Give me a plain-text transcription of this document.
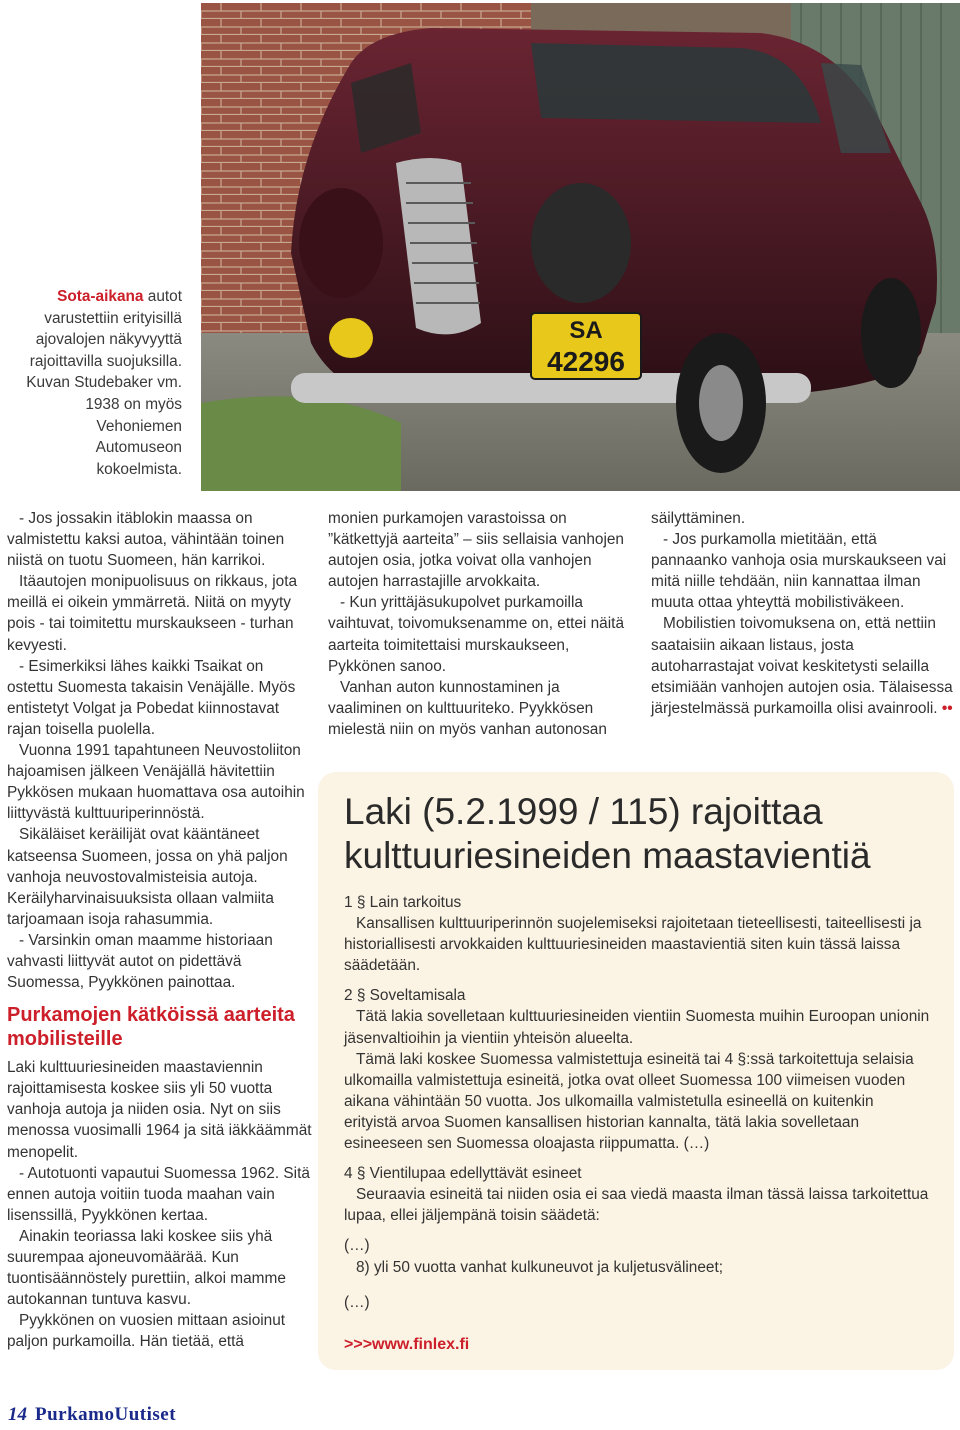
SA
42296
Sota-aikana autot varustettiin erityisillä ajovalojen näkyvyyttä rajoittavilla suojuksilla. Kuvan Studebaker vm. 1938 on myös Vehoniemen Automuseon kokoelmista.

- Jos jossakin itäblokin maassa on valmistettu kaksi autoa, vähintään toinen niistä on tuotu Suomeen, hän karrikoi.

Itäautojen monipuolisuus on rikkaus, jota meillä ei oikein ymmärretä. Niitä on myyty pois - tai toimitettu murskaukseen - turhan kevyesti.

- Esimerkiksi lähes kaikki Tsaikat on ostettu Suomesta takaisin Venäjälle. Myös entistetyt Volgat ja Pobedat kiinnostavat rajan toisella puolella.

Vuonna 1991 tapahtuneen Neuvostoliiton hajoamisen jälkeen Venäjällä hävitettiin Pykkösen mukaan huomattava osa autoihin liittyvästä kulttuuriperinnöstä.

Sikäläiset keräilijät ovat kääntäneet katseensa Suomeen, jossa on yhä paljon vanhoja neuvostovalmisteisia autoja. Keräilyharvinaisuuksista ollaan valmiita tarjoamaan isoja rahasummia.

- Varsinkin oman maamme historiaan vahvasti liittyvät autot on pidettävä Suomessa, Pyykkönen painottaa.

Purkamojen kätköissä aarteita mobilisteille

Laki kulttuuriesineiden maastaviennin rajoittamisesta koskee siis yli 50 vuotta vanhoja autoja ja niiden osia. Nyt on siis menossa vuosimalli 1964 ja sitä iäkkäämmät menopelit.

- Autotuonti vapautui Suomessa 1962. Sitä ennen autoja voitiin tuoda maahan vain lisenssillä, Pyykkönen kertaa.

Ainakin teoriassa laki koskee siis yhä suurempaa ajoneuvomäärää. Kun tuontisäännöstely purettiin, alkoi mamme autokannan tuntuva kasvu.

Pyykkönen on vuosien mittaan asioinut paljon purkamoilla. Hän tietää, että

monien purkamojen varastoissa on ”kätkettyjä aarteita” – siis sellaisia vanhojen autojen osia, jotka voivat olla vanhojen autojen harrastajille arvokkaita.

- Kun yrittäjäsukupolvet purkamoilla vaihtuvat, toivomuksenamme on, ettei näitä aarteita toimitettaisi murskaukseen, Pykkönen sanoo.

Vanhan auton kunnostaminen ja vaaliminen on kulttuuriteko. Pyykkösen mielestä niin on myös vanhan autonosan

säilyttäminen.

- Jos purkamolla mietitään, että pannaanko vanhoja osia murskaukseen vai mitä niille tehdään, niin kannattaa ilman muuta ottaa yhteyttä mobilistiväkeen.

Mobilistien toivomuksena on, että nettiin saataisiin aikaan listaus, josta autoharrastajat voivat keskitetysti selailla etsimiään vanhojen autojen osia. Tälaisessa järjestelmässä purkamoilla olisi avainrooli. ••

Laki (5.2.1999 / 115) rajoittaa kulttuuriesineiden maastavientiä

1 § Lain tarkoitus

Kansallisen kulttuuriperinnön suojelemiseksi rajoitetaan tieteellisesti, taiteellisesti ja historiallisesti arvokkaiden kulttuuriesineiden maastavientiä siten kuin tässä laissa säädetään.

2 § Soveltamisala

Tätä lakia sovelletaan kulttuuriesineiden vientiin Suomesta muihin Euroopan unionin jäsenvaltioihin ja vientiin yhteisön alueelta.

Tämä laki koskee Suomessa valmistettuja esineitä tai 4 §:ssä tarkoitettuja selaisia ulkomailla valmistettuja esineitä, jotka ovat olleet Suomessa 100 viimeisen vuoden aikana vähintään 50 vuotta. Jos ulkomailla valmistetulla esineellä on kuitenkin erityistä arvoa Suomen kansallisen historian kannalta, tätä lakia sovelletaan esineeseen sen Suomessa oloajasta riippumatta. (…)

4 § Vientilupaa edellyttävät esineet

Seuraavia esineitä tai niiden osia ei saa viedä maasta ilman tässä laissa tarkoitettua lupaa, ellei jäljempänä toisin säädetä:

(…)

8) yli 50 vuotta vanhat kulkuneuvot ja kuljetusvälineet;

(…)

>>>www.finlex.fi
14 PurkamoUutiset
